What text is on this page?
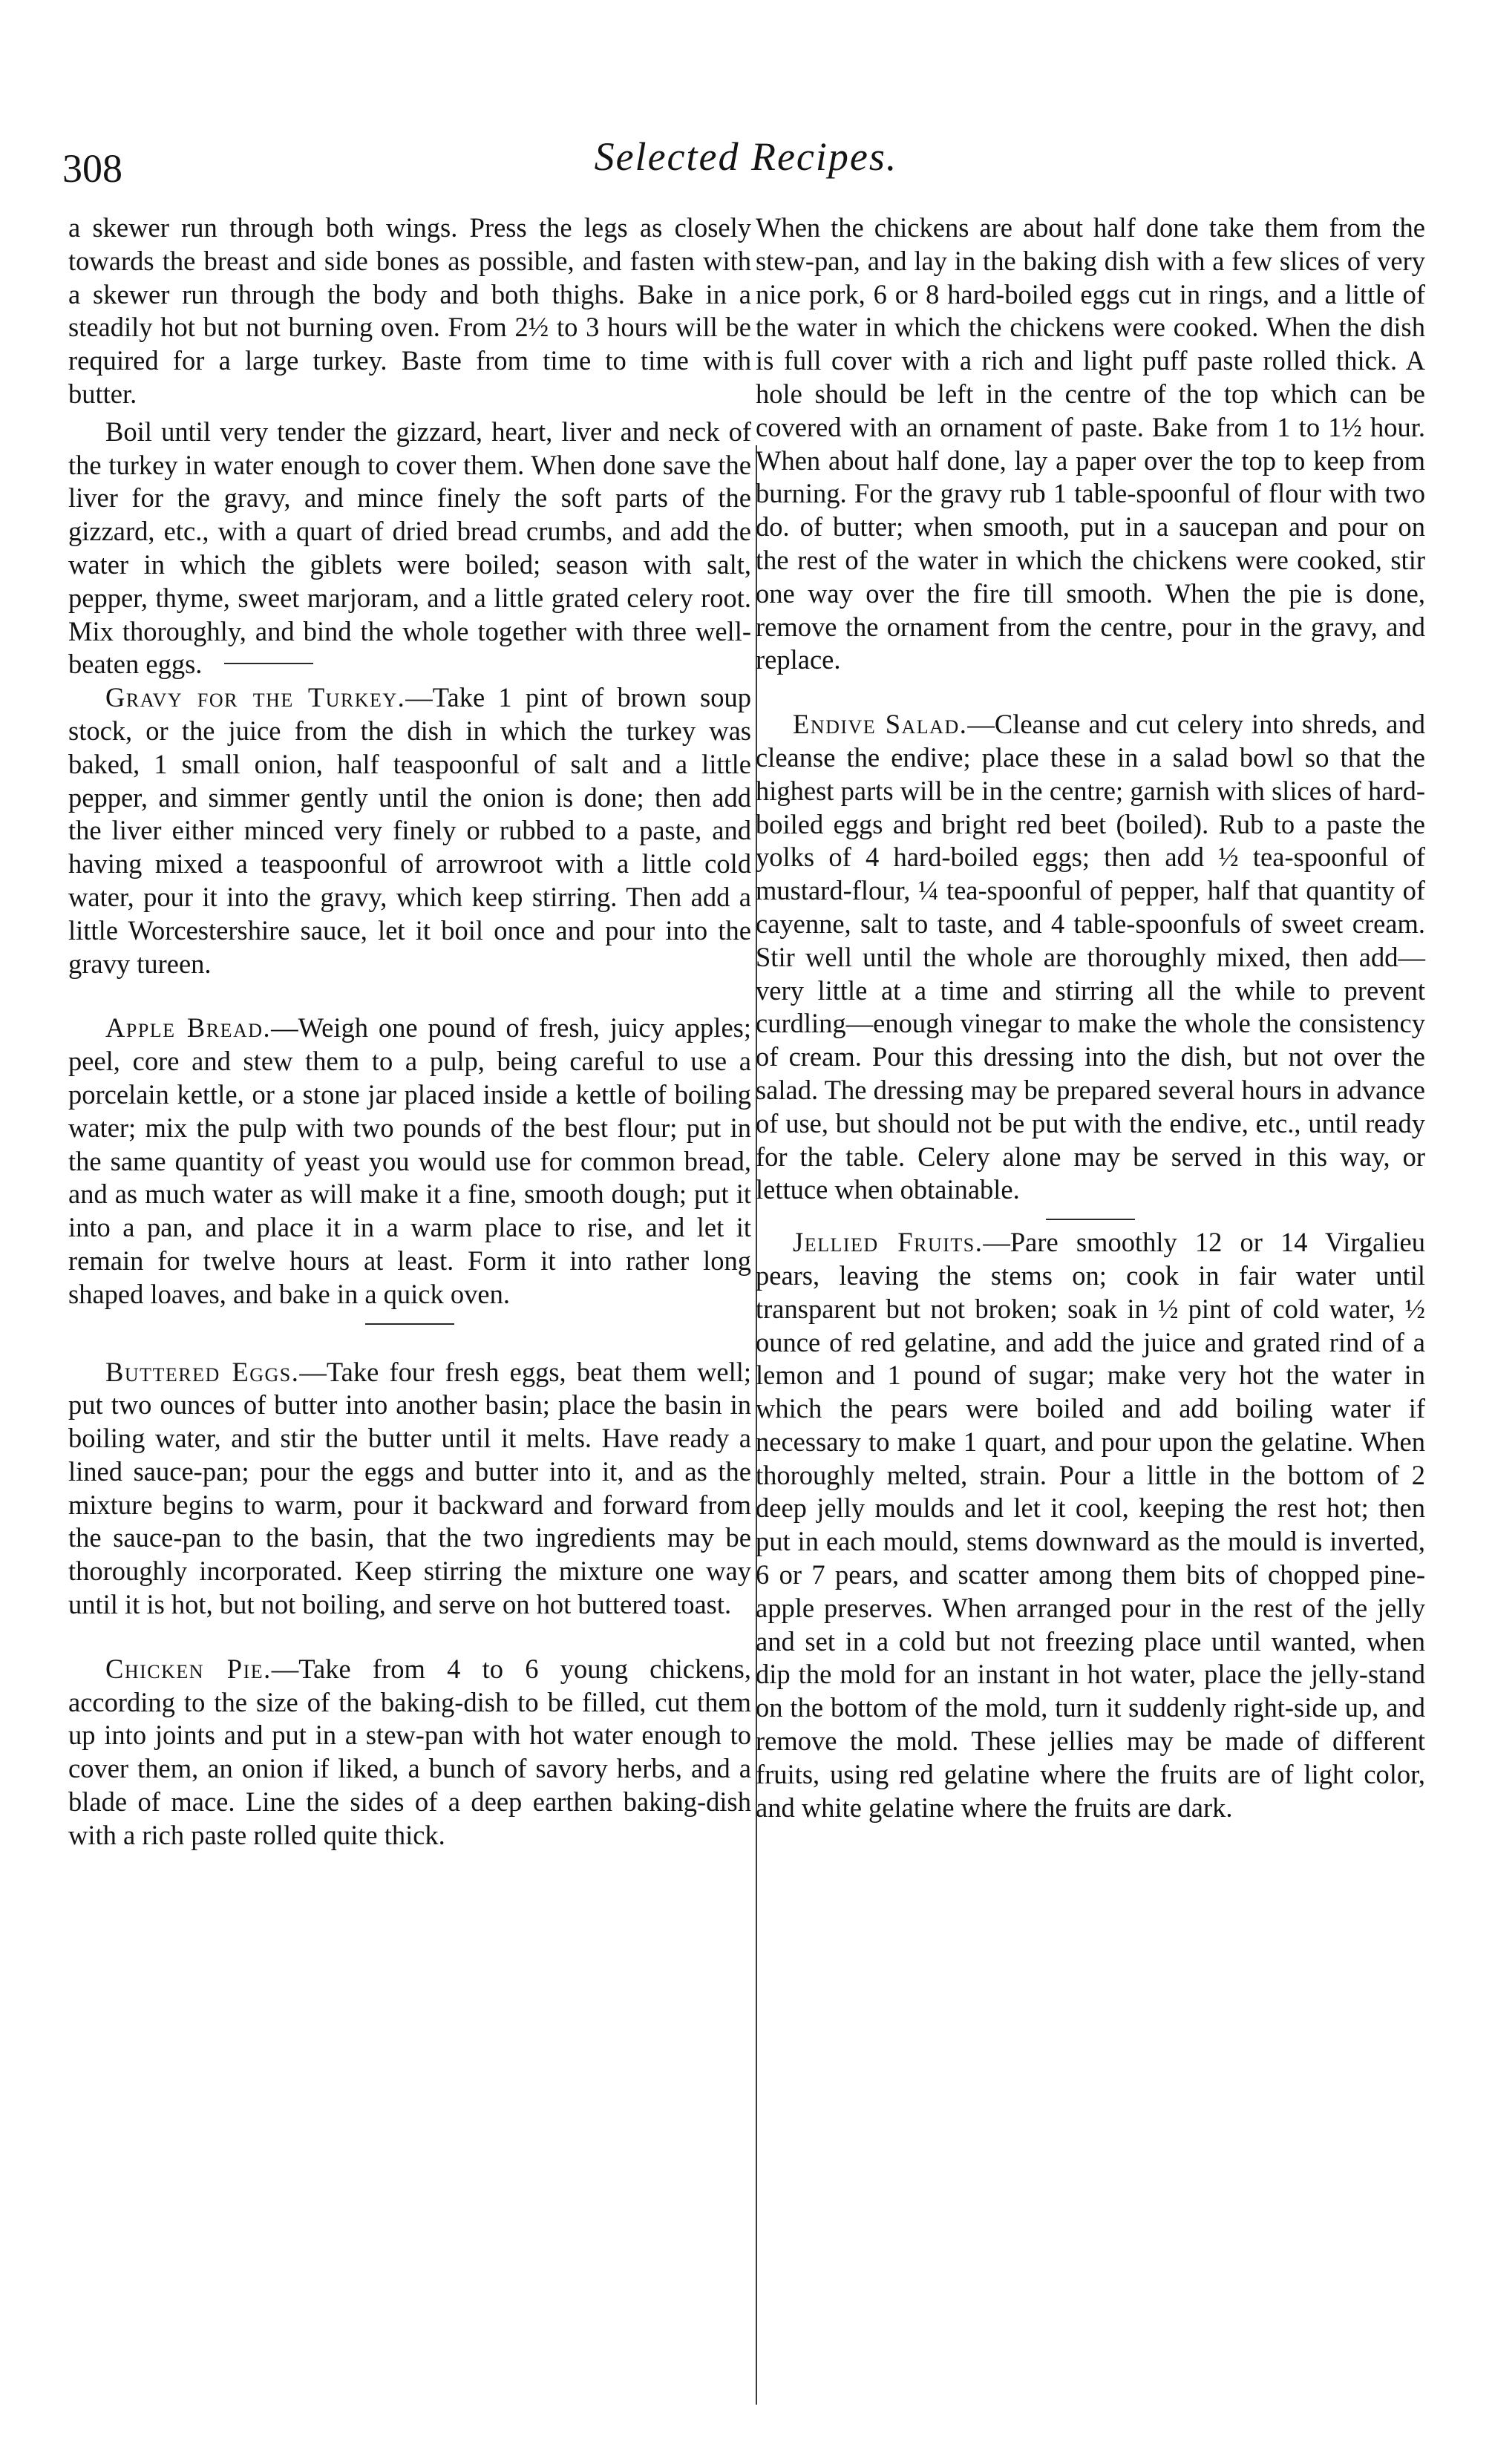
308	Selected Recipes.

a skewer run through both wings. Press the legs as closely towards the breast and side bones as possible, and fasten with a skewer run through the body and both thighs. Bake in a steadily hot but not burning oven. From 2½ to 3 hours will be required for a large turkey. Baste from time to time with butter.

Boil until very tender the gizzard, heart, liver and neck of the turkey in water enough to cover them. When done save the liver for the gravy, and mince finely the soft parts of the gizzard, etc., with a quart of dried bread crumbs, and add the water in which the giblets were boiled; season with salt, pepper, thyme, sweet marjoram, and a little grated celery root. Mix thoroughly, and bind the whole together with three well-beaten eggs.

Gravy for the Turkey.—Take 1 pint of brown soup stock, or the juice from the dish in which the turkey was baked, 1 small onion, half teaspoonful of salt and a little pepper, and simmer gently until the onion is done; then add the liver either minced very finely or rubbed to a paste, and having mixed a teaspoonful of arrowroot with a little cold water, pour it into the gravy, which keep stirring. Then add a little Worcestershire sauce, let it boil once and pour into the gravy tureen.

Apple Bread.—Weigh one pound of fresh, juicy apples; peel, core and stew them to a pulp, being careful to use a porcelain kettle, or a stone jar placed inside a kettle of boiling water; mix the pulp with two pounds of the best flour; put in the same quantity of yeast you would use for common bread, and as much water as will make it a fine, smooth dough; put it into a pan, and place it in a warm place to rise, and let it remain for twelve hours at least. Form it into rather long shaped loaves, and bake in a quick oven.

Buttered Eggs.—Take four fresh eggs, beat them well; put two ounces of butter into another basin; place the basin in boiling water, and stir the butter until it melts. Have ready a lined sauce-pan; pour the eggs and butter into it, and as the mixture begins to warm, pour it backward and forward from the sauce-pan to the basin, that the two ingredients may be thoroughly incorporated. Keep stirring the mixture one way until it is hot, but not boiling, and serve on hot buttered toast.

Chicken Pie.—Take from 4 to 6 young chickens, according to the size of the baking-dish to be filled, cut them up into joints and put in a stew-pan with hot water enough to cover them, an onion if liked, a bunch of savory herbs, and a blade of mace. Line the sides of a deep earthen baking-dish with a rich paste rolled quite thick.

When the chickens are about half done take them from the stew-pan, and lay in the baking dish with a few slices of very nice pork, 6 or 8 hard-boiled eggs cut in rings, and a little of the water in which the chickens were cooked. When the dish is full cover with a rich and light puff paste rolled thick. A hole should be left in the centre of the top which can be covered with an ornament of paste. Bake from 1 to 1½ hour. When about half done, lay a paper over the top to keep from burning. For the gravy rub 1 table-spoonful of flour with two do. of butter; when smooth, put in a saucepan and pour on the rest of the water in which the chickens were cooked, stir one way over the fire till smooth. When the pie is done, remove the ornament from the centre, pour in the gravy, and replace.

Endive Salad.—Cleanse and cut celery into shreds, and cleanse the endive; place these in a salad bowl so that the highest parts will be in the centre; garnish with slices of hard-boiled eggs and bright red beet (boiled). Rub to a paste the yolks of 4 hard-boiled eggs; then add ½ tea-spoonful of mustard-flour, ¼ tea-spoonful of pepper, half that quantity of cayenne, salt to taste, and 4 table-spoonfuls of sweet cream. Stir well until the whole are thoroughly mixed, then add—very little at a time and stirring all the while to prevent curdling—enough vinegar to make the whole the consistency of cream. Pour this dressing into the dish, but not over the salad. The dressing may be prepared several hours in advance of use, but should not be put with the endive, etc., until ready for the table. Celery alone may be served in this way, or lettuce when obtainable.

Jellied Fruits.—Pare smoothly 12 or 14 Virgalieu pears, leaving the stems on; cook in fair water until transparent but not broken; soak in ½ pint of cold water, ½ ounce of red gelatine, and add the juice and grated rind of a lemon and 1 pound of sugar; make very hot the water in which the pears were boiled and add boiling water if necessary to make 1 quart, and pour upon the gelatine. When thoroughly melted, strain. Pour a little in the bottom of 2 deep jelly moulds and let it cool, keeping the rest hot; then put in each mould, stems downward as the mould is inverted, 6 or 7 pears, and scatter among them bits of chopped pine-apple preserves. When arranged pour in the rest of the jelly and set in a cold but not freezing place until wanted, when dip the mold for an instant in hot water, place the jelly-stand on the bottom of the mold, turn it suddenly right-side up, and remove the mold. These jellies may be made of different fruits, using red gelatine where the fruits are of light color, and white gelatine where the fruits are dark.
